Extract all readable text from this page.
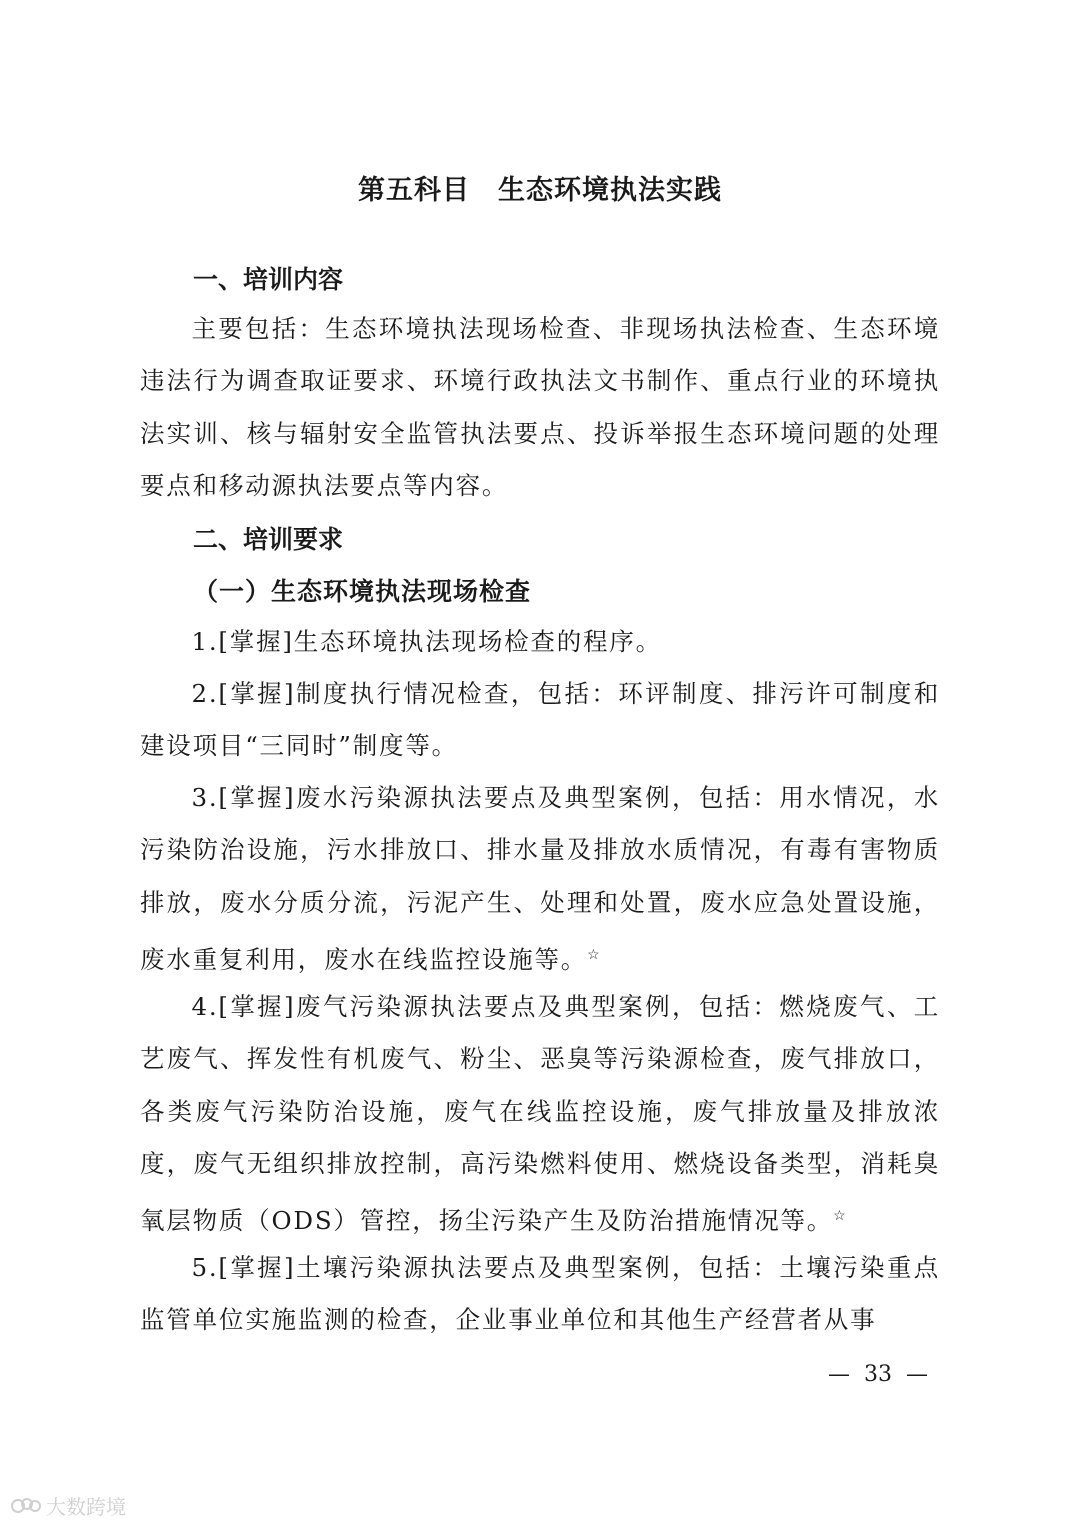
第五科目　生态环境执法实践
一、培训内容
主要包括：生态环境执法现场检查、非现场执法检查、生态环境违法行为调查取证要求、环境行政执法文书制作、重点行业的环境执法实训、核与辐射安全监管执法要点、投诉举报生态环境问题的处理要点和移动源执法要点等内容。
二、培训要求
（一）生态环境执法现场检查
1.[掌握]生态环境执法现场检查的程序。
2.[掌握]制度执行情况检查，包括：环评制度、排污许可制度和建设项目“三同时”制度等。
3.[掌握]废水污染源执法要点及典型案例，包括：用水情况，水污染防治设施，污水排放口、排水量及排放水质情况，有毒有害物质排放，废水分质分流，污泥产生、处理和处置，废水应急处置设施，废水重复利用，废水在线监控设施等。☆
4.[掌握]废气污染源执法要点及典型案例，包括：燃烧废气、工艺废气、挥发性有机废气、粉尘、恶臭等污染源检查，废气排放口，各类废气污染防治设施，废气在线监控设施，废气排放量及排放浓度，废气无组织排放控制，高污染燃料使用、燃烧设备类型，消耗臭氧层物质（ODS）管控，扬尘污染产生及防治措施情况等。☆
5.[掌握]土壤污染源执法要点及典型案例，包括：土壤污染重点监管单位实施监测的检查，企业事业单位和其他生产经营者从事
—  33  —
大数跨境
